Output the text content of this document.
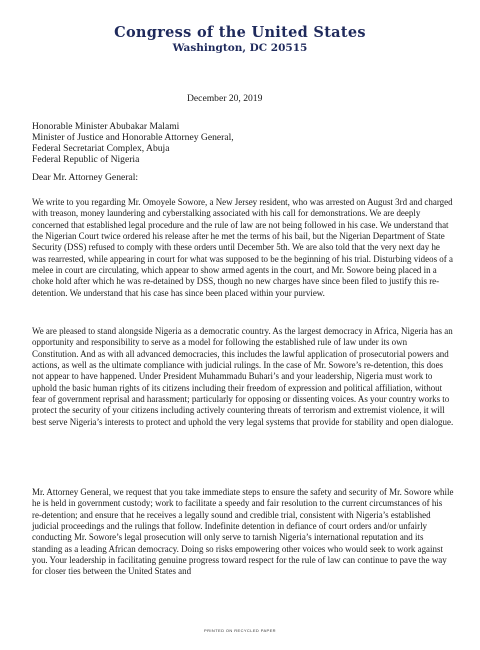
Congress of the United States
Washington, DC 20515
December 20, 2019
Honorable Minister Abubakar Malami
Minister of Justice and Honorable Attorney General,
Federal Secretariat Complex, Abuja
Federal Republic of Nigeria
Dear Mr. Attorney General:

We write to you regarding Mr. Omoyele Sowore, a New Jersey resident, who was arrested on August 3rd and charged with treason, money laundering and cyberstalking associated with his call for demonstrations. We are deeply concerned that established legal procedure and the rule of law are not being followed in his case. We understand that the Nigerian Court twice ordered his release after he met the terms of his bail, but the Nigerian Department of State Security (DSS) refused to comply with these orders until December 5th. We are also told that the very next day he was rearrested, while appearing in court for what was supposed to be the beginning of his trial. Disturbing videos of a melee in court are circulating, which appear to show armed agents in the court, and Mr. Sowore being placed in a choke hold after which he was re-detained by DSS, though no new charges have since been filed to justify this re-detention. We understand that his case has since been placed within your purview.

We are pleased to stand alongside Nigeria as a democratic country. As the largest democracy in Africa, Nigeria has an opportunity and responsibility to serve as a model for following the established rule of law under its own Constitution. And as with all advanced democracies, this includes the lawful application of prosecutorial powers and actions, as well as the ultimate compliance with judicial rulings. In the case of Mr. Sowore’s re-detention, this does not appear to have happened. Under President Muhammadu Buhari’s and your leadership, Nigeria must work to uphold the basic human rights of its citizens including their freedom of expression and political affiliation, without fear of government reprisal and harassment; particularly for opposing or dissenting voices. As your country works to protect the security of your citizens including actively countering threats of terrorism and extremist violence, it will best serve Nigeria’s interests to protect and uphold the very legal systems that provide for stability and open dialogue.

Mr. Attorney General, we request that you take immediate steps to ensure the safety and security of Mr. Sowore while he is held in government custody; work to facilitate a speedy and fair resolution to the current circumstances of his re-detention; and ensure that he receives a legally sound and credible trial, consistent with Nigeria’s established judicial proceedings and the rulings that follow. Indefinite detention in defiance of court orders and/or unfairly conducting Mr. Sowore’s legal prosecution will only serve to tarnish Nigeria’s international reputation and its standing as a leading African democracy. Doing so risks empowering other voices who would seek to work against you. Your leadership in facilitating genuine progress toward respect for the rule of law can continue to pave the way for closer ties between the United States and

PRINTED ON RECYCLED PAPER
